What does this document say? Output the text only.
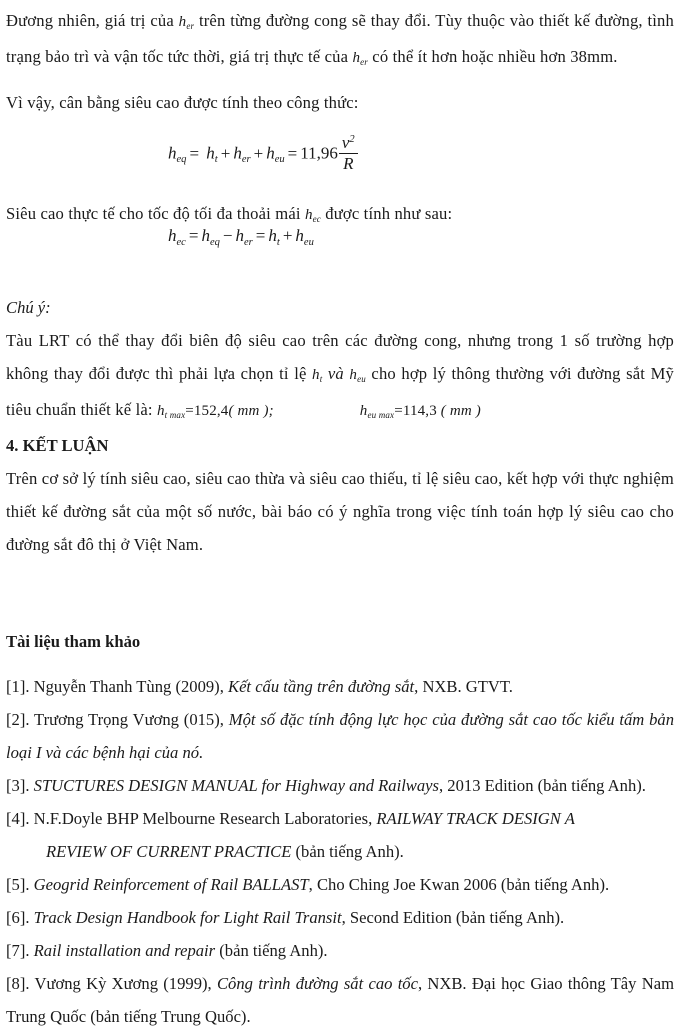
Đương nhiên, giá trị của $h_{er}$ trên từng đường cong sẽ thay đổi. Tùy thuộc vào thiết kế đường, tình trạng bảo trì và vận tốc tức thời, giá trị thực tế của $h_{er}$ có thể ít hơn hoặc nhiều hơn 38mm.

Vì vậy, cân bằng siêu cao được tính theo công thức:

$h_{eq} = h_t + h_{er} + h_{eu} = 11,96 \frac{v^2}{R}$

Siêu cao thực tế cho tốc độ tối đa thoải mái $h_{ec}$ được tính như sau:

$h_{ec} = h_{eq} - h_{er} = h_t + h_{eu}$

Chú ý:

Tàu LRT có thể thay đổi biên độ siêu cao trên các đường cong, nhưng trong 1 số trường hợp không thay đổi được thì phải lựa chọn tỉ lệ $h_t$ và $h_{eu}$ cho hợp lý thông thường với đường sắt Mỹ tiêu chuẩn thiết kế là: $h_{t max}=152,4$( mm );	$h_{eu max}=114,3$ ( mm )

4. KẾT LUẬN

Trên cơ sở lý tính siêu cao, siêu cao thừa và siêu cao thiếu, tỉ lệ siêu cao, kết hợp với thực nghiệm thiết kế đường sắt của một số nước, bài báo có ý nghĩa trong việc tính toán hợp lý siêu cao cho đường sắt đô thị ở Việt Nam.

Tài liệu tham khảo

[1]. Nguyễn Thanh Tùng (2009), Kết cấu tầng trên đường sắt, NXB. GTVT.

[2]. Trương Trọng Vương (015), Một số đặc tính động lực học của đường sắt cao tốc kiểu tấm bản loại I và các bệnh hại của nó.

[3]. STUCTURES DESIGN MANUAL for Highway and Railways, 2013 Edition (bản tiếng Anh).

[4]. N.F.Doyle BHP Melbourne Research Laboratories, RAILWAY TRACK DESIGN A
REVIEW OF CURRENT PRACTICE (bản tiếng Anh).

[5]. Geogrid Reinforcement of Rail BALLAST, Cho Ching Joe Kwan 2006 (bản tiếng Anh).

[6]. Track Design Handbook for Light Rail Transit, Second Edition (bản tiếng Anh).

[7]. Rail installation and repair (bản tiếng Anh).

[8]. Vương Kỳ Xương (1999), Công trình đường sắt cao tốc, NXB. Đại học Giao thông Tây Nam Trung Quốc (bản tiếng Trung Quốc).
